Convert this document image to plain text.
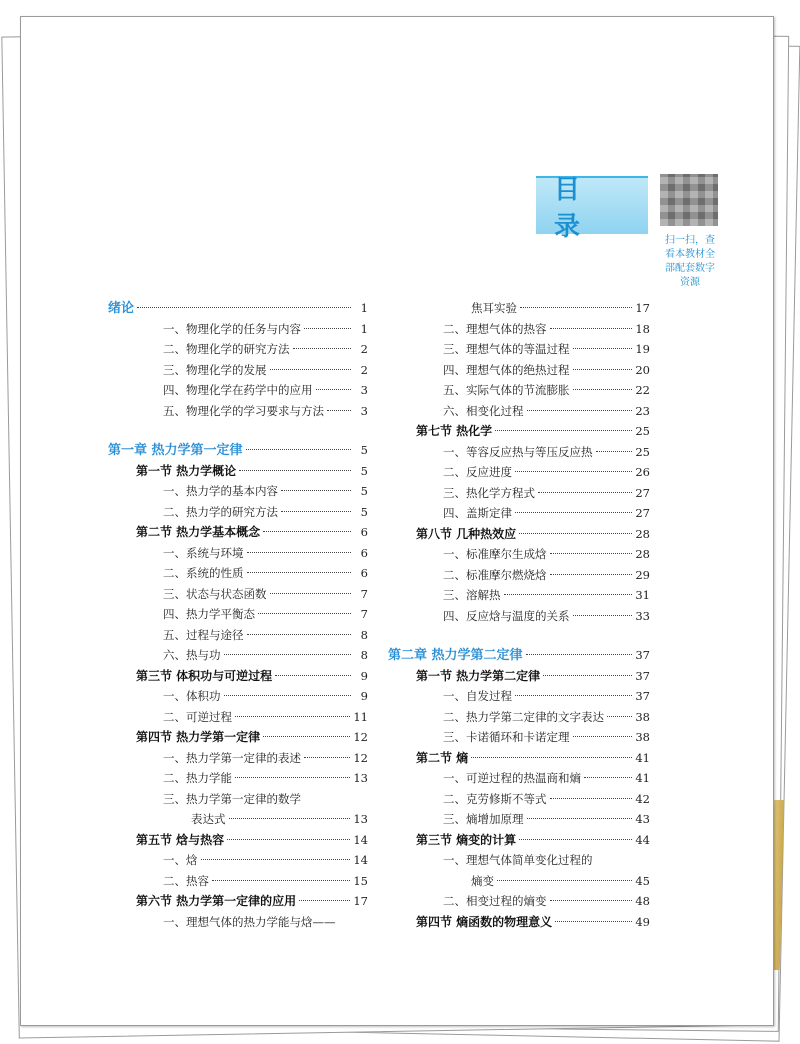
目 录	扫一扫，查
看本教材全
部配套数字
资源
绪论	1
一、物理化学的任务与内容	1
二、物理化学的研究方法	2
三、物理化学的发展	2
四、物理化学在药学中的应用	3
五、物理化学的学习要求与方法	3
第一章 热力学第一定律	5
第一节 热力学概论	5
一、热力学的基本内容	5
二、热力学的研究方法	5
第二节 热力学基本概念	6
一、系统与环境	6
二、系统的性质	6
三、状态与状态函数	7
四、热力学平衡态	7
五、过程与途径	8
六、热与功	8
第三节 体积功与可逆过程	9
一、体积功	9
二、可逆过程	11
第四节 热力学第一定律	12
一、热力学第一定律的表述	12
二、热力学能	13
三、热力学第一定律的数学
表达式	13
第五节 焓与热容	14
一、焓	14
二、热容	15
第六节 热力学第一定律的应用	17
一、理想气体的热力学能与焓——
焦耳实验	17
二、理想气体的热容	18
三、理想气体的等温过程	19
四、理想气体的绝热过程	20
五、实际气体的节流膨胀	22
六、相变化过程	23
第七节 热化学	25
一、等容反应热与等压反应热	25
二、反应进度	26
三、热化学方程式	27
四、盖斯定律	27
第八节 几种热效应	28
一、标准摩尔生成焓	28
二、标准摩尔燃烧焓	29
三、溶解热	31
四、反应焓与温度的关系	33
第二章 热力学第二定律	37
第一节 热力学第二定律	37
一、自发过程	37
二、热力学第二定律的文字表达	38
三、卡诺循环和卡诺定理	38
第二节 熵	41
一、可逆过程的热温商和熵	41
二、克劳修斯不等式	42
三、熵增加原理	43
第三节 熵变的计算	44
一、理想气体简单变化过程的
熵变	45
二、相变过程的熵变	48
第四节 熵函数的物理意义	49
